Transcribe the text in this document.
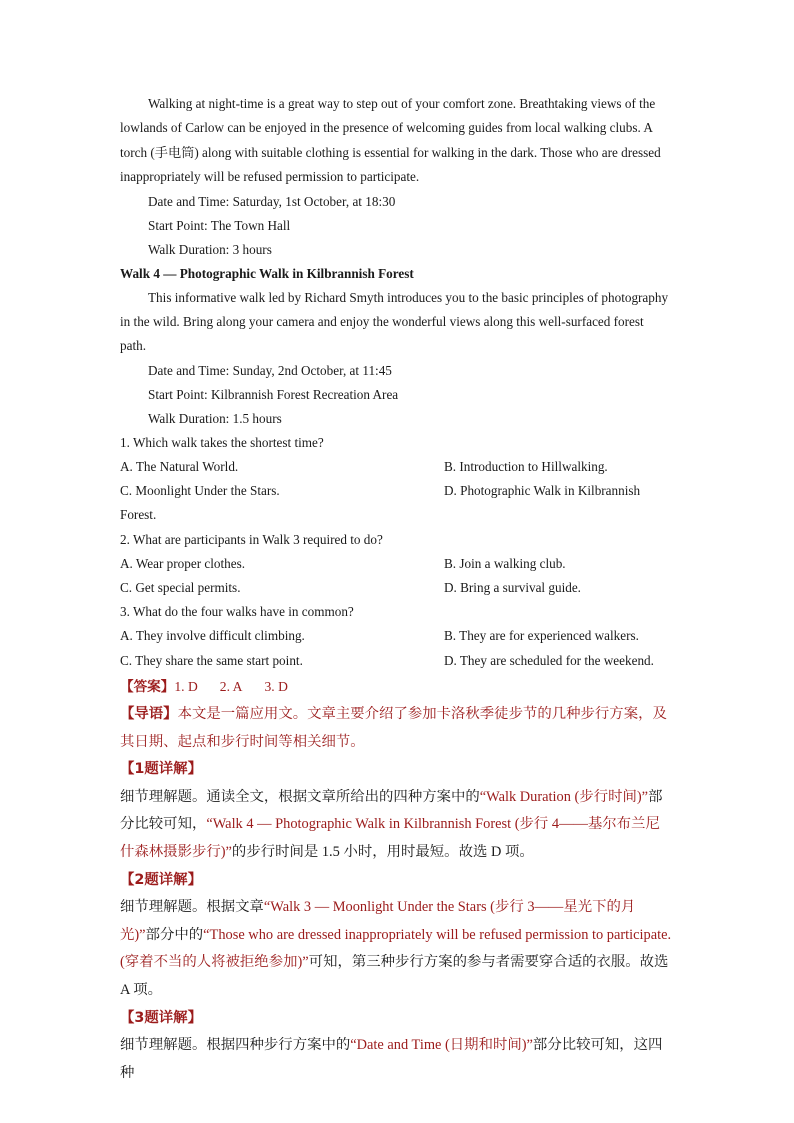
Walking at night-time is a great way to step out of your comfort zone. Breathtaking views of the lowlands of Carlow can be enjoyed in the presence of welcoming guides from local walking clubs. A torch (手电筒) along with suitable clothing is essential for walking in the dark. Those who are dressed inappropriately will be refused permission to participate.

Date and Time: Saturday, 1st October, at 18:30

Start Point: The Town Hall

Walk Duration: 3 hours

Walk 4 — Photographic Walk in Kilbrannish Forest

This informative walk led by Richard Smyth introduces you to the basic principles of photography in the wild. Bring along your camera and enjoy the wonderful views along this well-surfaced forest path.

Date and Time: Sunday, 2nd October, at 11:45

Start Point: Kilbrannish Forest Recreation Area

Walk Duration: 1.5 hours

1. Which walk takes the shortest time?

A. The Natural World.	B. Introduction to Hillwalking.
C. Moonlight Under the Stars.	D. Photographic Walk in Kilbrannish

Forest.

2. What are participants in Walk 3 required to do?

A. Wear proper clothes.	B. Join a walking club.
C. Get special permits.	D. Bring a survival guide.

3. What do the four walks have in common?

A. They involve difficult climbing.	B. They are for experienced walkers.
C. They share the same start point.	D. They are scheduled for the weekend.

【答案】1. D 2. A 3. D

【导语】本文是一篇应用文。文章主要介绍了参加卡洛秋季徒步节的几种步行方案，及其日期、起点和步行时间等相关细节。

【1题详解】

细节理解题。通读全文，根据文章所给出的四种方案中的“Walk Duration (步行时间)”部分比较可知，“Walk 4 — Photographic Walk in Kilbrannish Forest (步行 4——基尔布兰尼什森林摄影步行)”的步行时间是 1.5 小时，用时最短。故选 D 项。

【2题详解】

细节理解题。根据文章“Walk 3 — Moonlight Under the Stars (步行 3——星光下的月光)”部分中的“Those who are dressed inappropriately will be refused permission to participate.(穿着不当的人将被拒绝参加)”可知，第三种步行方案的参与者需要穿合适的衣服。故选 A 项。

【3题详解】

细节理解题。根据四种步行方案中的“Date and Time (日期和时间)”部分比较可知，这四种
